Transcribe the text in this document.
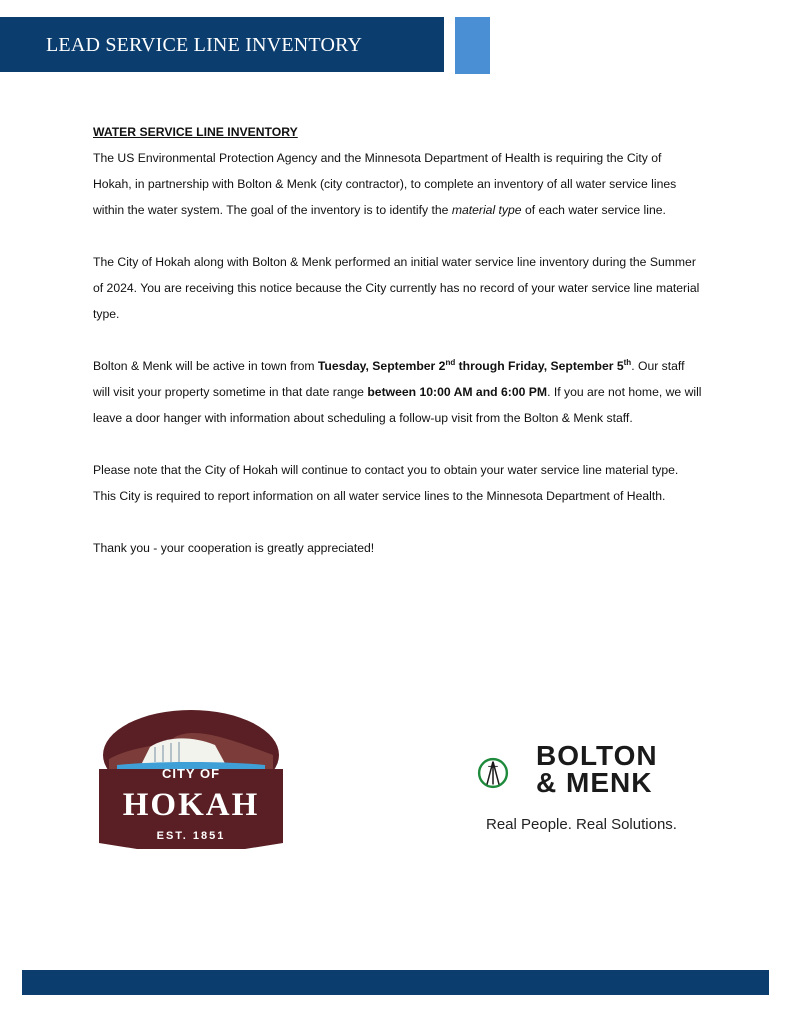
LEAD SERVICE LINE INVENTORY
WATER SERVICE LINE INVENTORY

The US Environmental Protection Agency and the Minnesota Department of Health is requiring the City of Hokah, in partnership with Bolton & Menk (city contractor), to complete an inventory of all water service lines within the water system. The goal of the inventory is to identify the material type of each water service line.

The City of Hokah along with Bolton & Menk performed an initial water service line inventory during the Summer of 2024. You are receiving this notice because the City currently has no record of your water service line material type.

Bolton & Menk will be active in town from Tuesday, September 2nd through Friday, September 5th. Our staff will visit your property sometime in that date range between 10:00 AM and 6:00 PM. If you are not home, we will leave a door hanger with information about scheduling a follow-up visit from the Bolton & Menk staff.

Please note that the City of Hokah will continue to contact you to obtain your water service line material type. This City is required to report information on all water service lines to the Minnesota Department of Health.

Thank you - your cooperation is greatly appreciated!

CITY OF
HOKAH
EST. 1851
BOLTON
& MENK
Real People. Real Solutions.
